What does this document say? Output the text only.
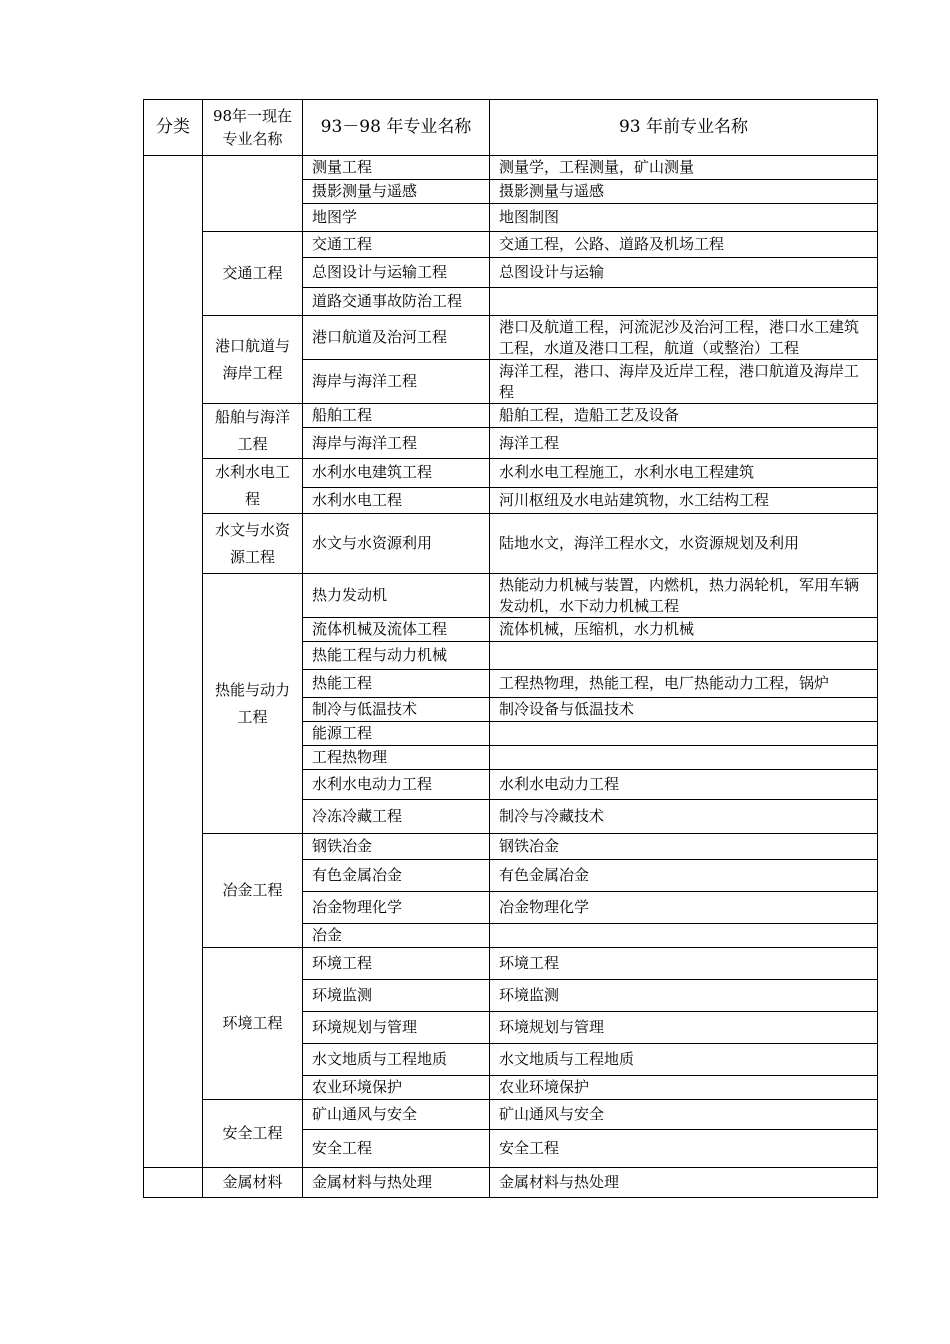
分类	98年一现在专业名称	93－98 年专业名称	93 年前专业名称
		测量工程	测量学，工程测量，矿山测量
		摄影测量与遥感	摄影测量与遥感
		地图学	地图制图
	交通工程	交通工程	交通工程，公路、道路及机场工程
		总图设计与运输工程	总图设计与运输
		道路交通事故防治工程	
	港口航道与海岸工程	港口航道及治河工程	港口及航道工程，河流泥沙及治河工程，港口水工建筑工程，水道及港口工程，航道（或整治）工程
		海岸与海洋工程	海洋工程，港口、海岸及近岸工程，港口航道及海岸工程
	船舶与海洋工程	船舶工程	船舶工程，造船工艺及设备
		海岸与海洋工程	海洋工程
	水利水电工程	水利水电建筑工程	水利水电工程施工，水利水电工程建筑
		水利水电工程	河川枢纽及水电站建筑物，水工结构工程
	水文与水资源工程	水文与水资源利用	陆地水文，海洋工程水文，水资源规划及利用
	热能与动力工程	热力发动机	热能动力机械与装置，内燃机，热力涡轮机，军用车辆发动机，水下动力机械工程
		流体机械及流体工程	流体机械，压缩机，水力机械
		热能工程与动力机械	
		热能工程	工程热物理，热能工程，电厂热能动力工程，锅炉
		制冷与低温技术	制冷设备与低温技术
		能源工程	
		工程热物理	
		水利水电动力工程	水利水电动力工程
		冷冻冷藏工程	制冷与冷藏技术
	冶金工程	钢铁冶金	钢铁冶金
		有色金属冶金	有色金属冶金
		冶金物理化学	冶金物理化学
		冶金	
	环境工程	环境工程	环境工程
		环境监测	环境监测
		环境规划与管理	环境规划与管理
		水文地质与工程地质	水文地质与工程地质
		农业环境保护	农业环境保护
	安全工程	矿山通风与安全	矿山通风与安全
		安全工程	安全工程
	金属材料	金属材料与热处理	金属材料与热处理
